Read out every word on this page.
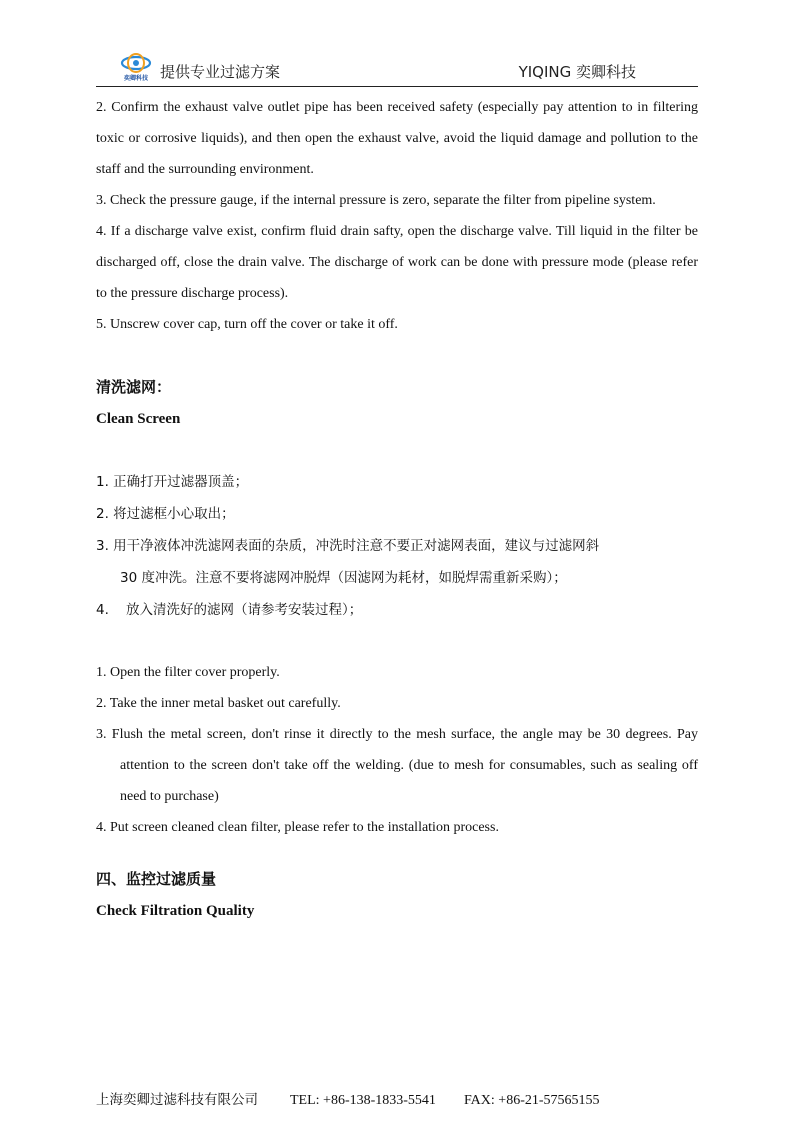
奕卿科技 提供专业过滤方案	YIQING 奕卿科技
2. Confirm the exhaust valve outlet pipe has been received safety (especially pay attention to in filtering toxic or corrosive liquids), and then open the exhaust valve, avoid the liquid damage and pollution to the staff and the surrounding environment.
3. Check the pressure gauge, if the internal pressure is zero, separate the filter from pipeline system.
4. If a discharge valve exist, confirm fluid drain safty, open the discharge valve. Till liquid in the filter be discharged off, close the drain valve. The discharge of work can be done with pressure mode (please refer to the pressure discharge process).
5. Unscrew cover cap, turn off the cover or take it off.
清洗滤网：
Clean Screen
1. 正确打开过滤器顶盖；
2. 将过滤框小心取出；
3. 用干净液体冲洗滤网表面的杂质，冲洗时注意不要正对滤网表面，建议与过滤网斜
30 度冲洗。注意不要将滤网冲脱焊（因滤网为耗材，如脱焊需重新采购）；
4.    放入清洗好的滤网（请参考安装过程）；
1. Open the filter cover properly.
2. Take the inner metal basket out carefully.
3. Flush the metal screen, don't rinse it directly to the mesh surface, the angle may be 30 degrees. Pay attention to the screen don't take off the welding. (due to mesh for consumables, such as sealing off need to purchase)
4. Put screen cleaned clean filter, please refer to the installation process.
四、监控过滤质量
Check Filtration Quality
上海奕卿过滤科技有限公司 TEL: +86-138-1833-5541 FAX: +86-21-57565155
